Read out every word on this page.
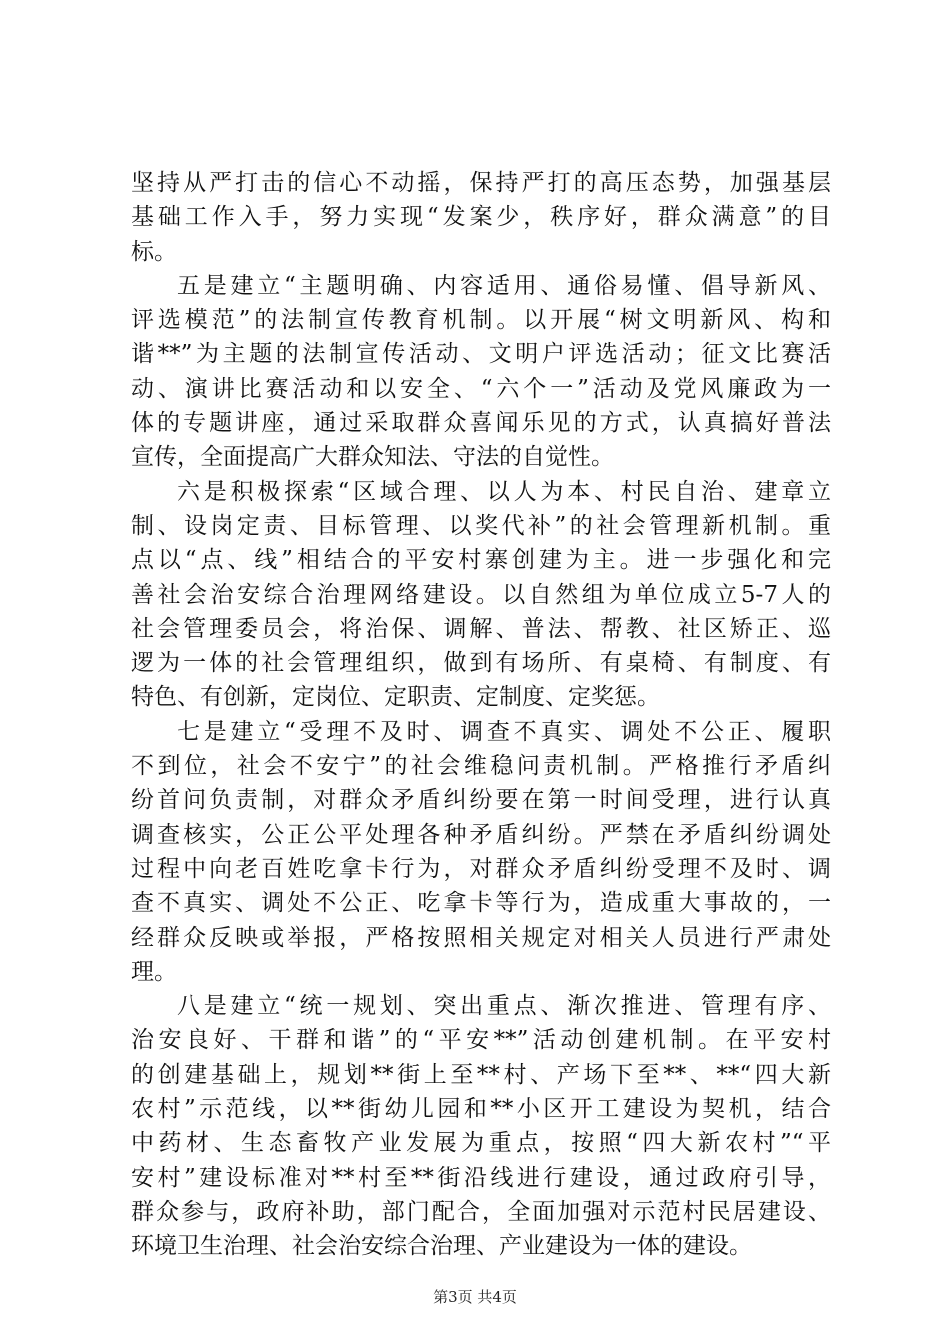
坚持从严打击的信心不动摇，保持严打的高压态势，加强基层
基础工作入手，努力实现“发案少，秩序好，群众满意”的目
标。
五是建立“主题明确、内容适用、通俗易懂、倡导新风、
评选模范”的法制宣传教育机制。以开展“树文明新风、构和
谐**”为主题的法制宣传活动、文明户评选活动；征文比赛活
动、演讲比赛活动和以安全、“六个一”活动及党风廉政为一
体的专题讲座，通过采取群众喜闻乐见的方式，认真搞好普法
宣传，全面提高广大群众知法、守法的自觉性。
六是积极探索“区域合理、以人为本、村民自治、建章立
制、设岗定责、目标管理、以奖代补”的社会管理新机制。重
点以“点、线”相结合的平安村寨创建为主。进一步强化和完
善社会治安综合治理网络建设。以自然组为单位成立5-7人的
社会管理委员会，将治保、调解、普法、帮教、社区矫正、巡
逻为一体的社会管理组织，做到有场所、有桌椅、有制度、有
特色、有创新，定岗位、定职责、定制度、定奖惩。
七是建立“受理不及时、调查不真实、调处不公正、履职
不到位，社会不安宁”的社会维稳问责机制。严格推行矛盾纠
纷首问负责制，对群众矛盾纠纷要在第一时间受理，进行认真
调查核实，公正公平处理各种矛盾纠纷。严禁在矛盾纠纷调处
过程中向老百姓吃拿卡行为，对群众矛盾纠纷受理不及时、调
查不真实、调处不公正、吃拿卡等行为，造成重大事故的，一
经群众反映或举报，严格按照相关规定对相关人员进行严肃处
理。
八是建立“统一规划、突出重点、渐次推进、管理有序、
治安良好、干群和谐”的“平安**”活动创建机制。在平安村
的创建基础上，规划**街上至**村、产场下至**、**“四大新
农村”示范线，以**街幼儿园和**小区开工建设为契机，结合
中药材、生态畜牧产业发展为重点，按照“四大新农村”“平
安村”建设标准对**村至**街沿线进行建设，通过政府引导，
群众参与，政府补助，部门配合，全面加强对示范村民居建设、
环境卫生治理、社会治安综合治理、产业建设为一体的建设。
第3页 共4页
